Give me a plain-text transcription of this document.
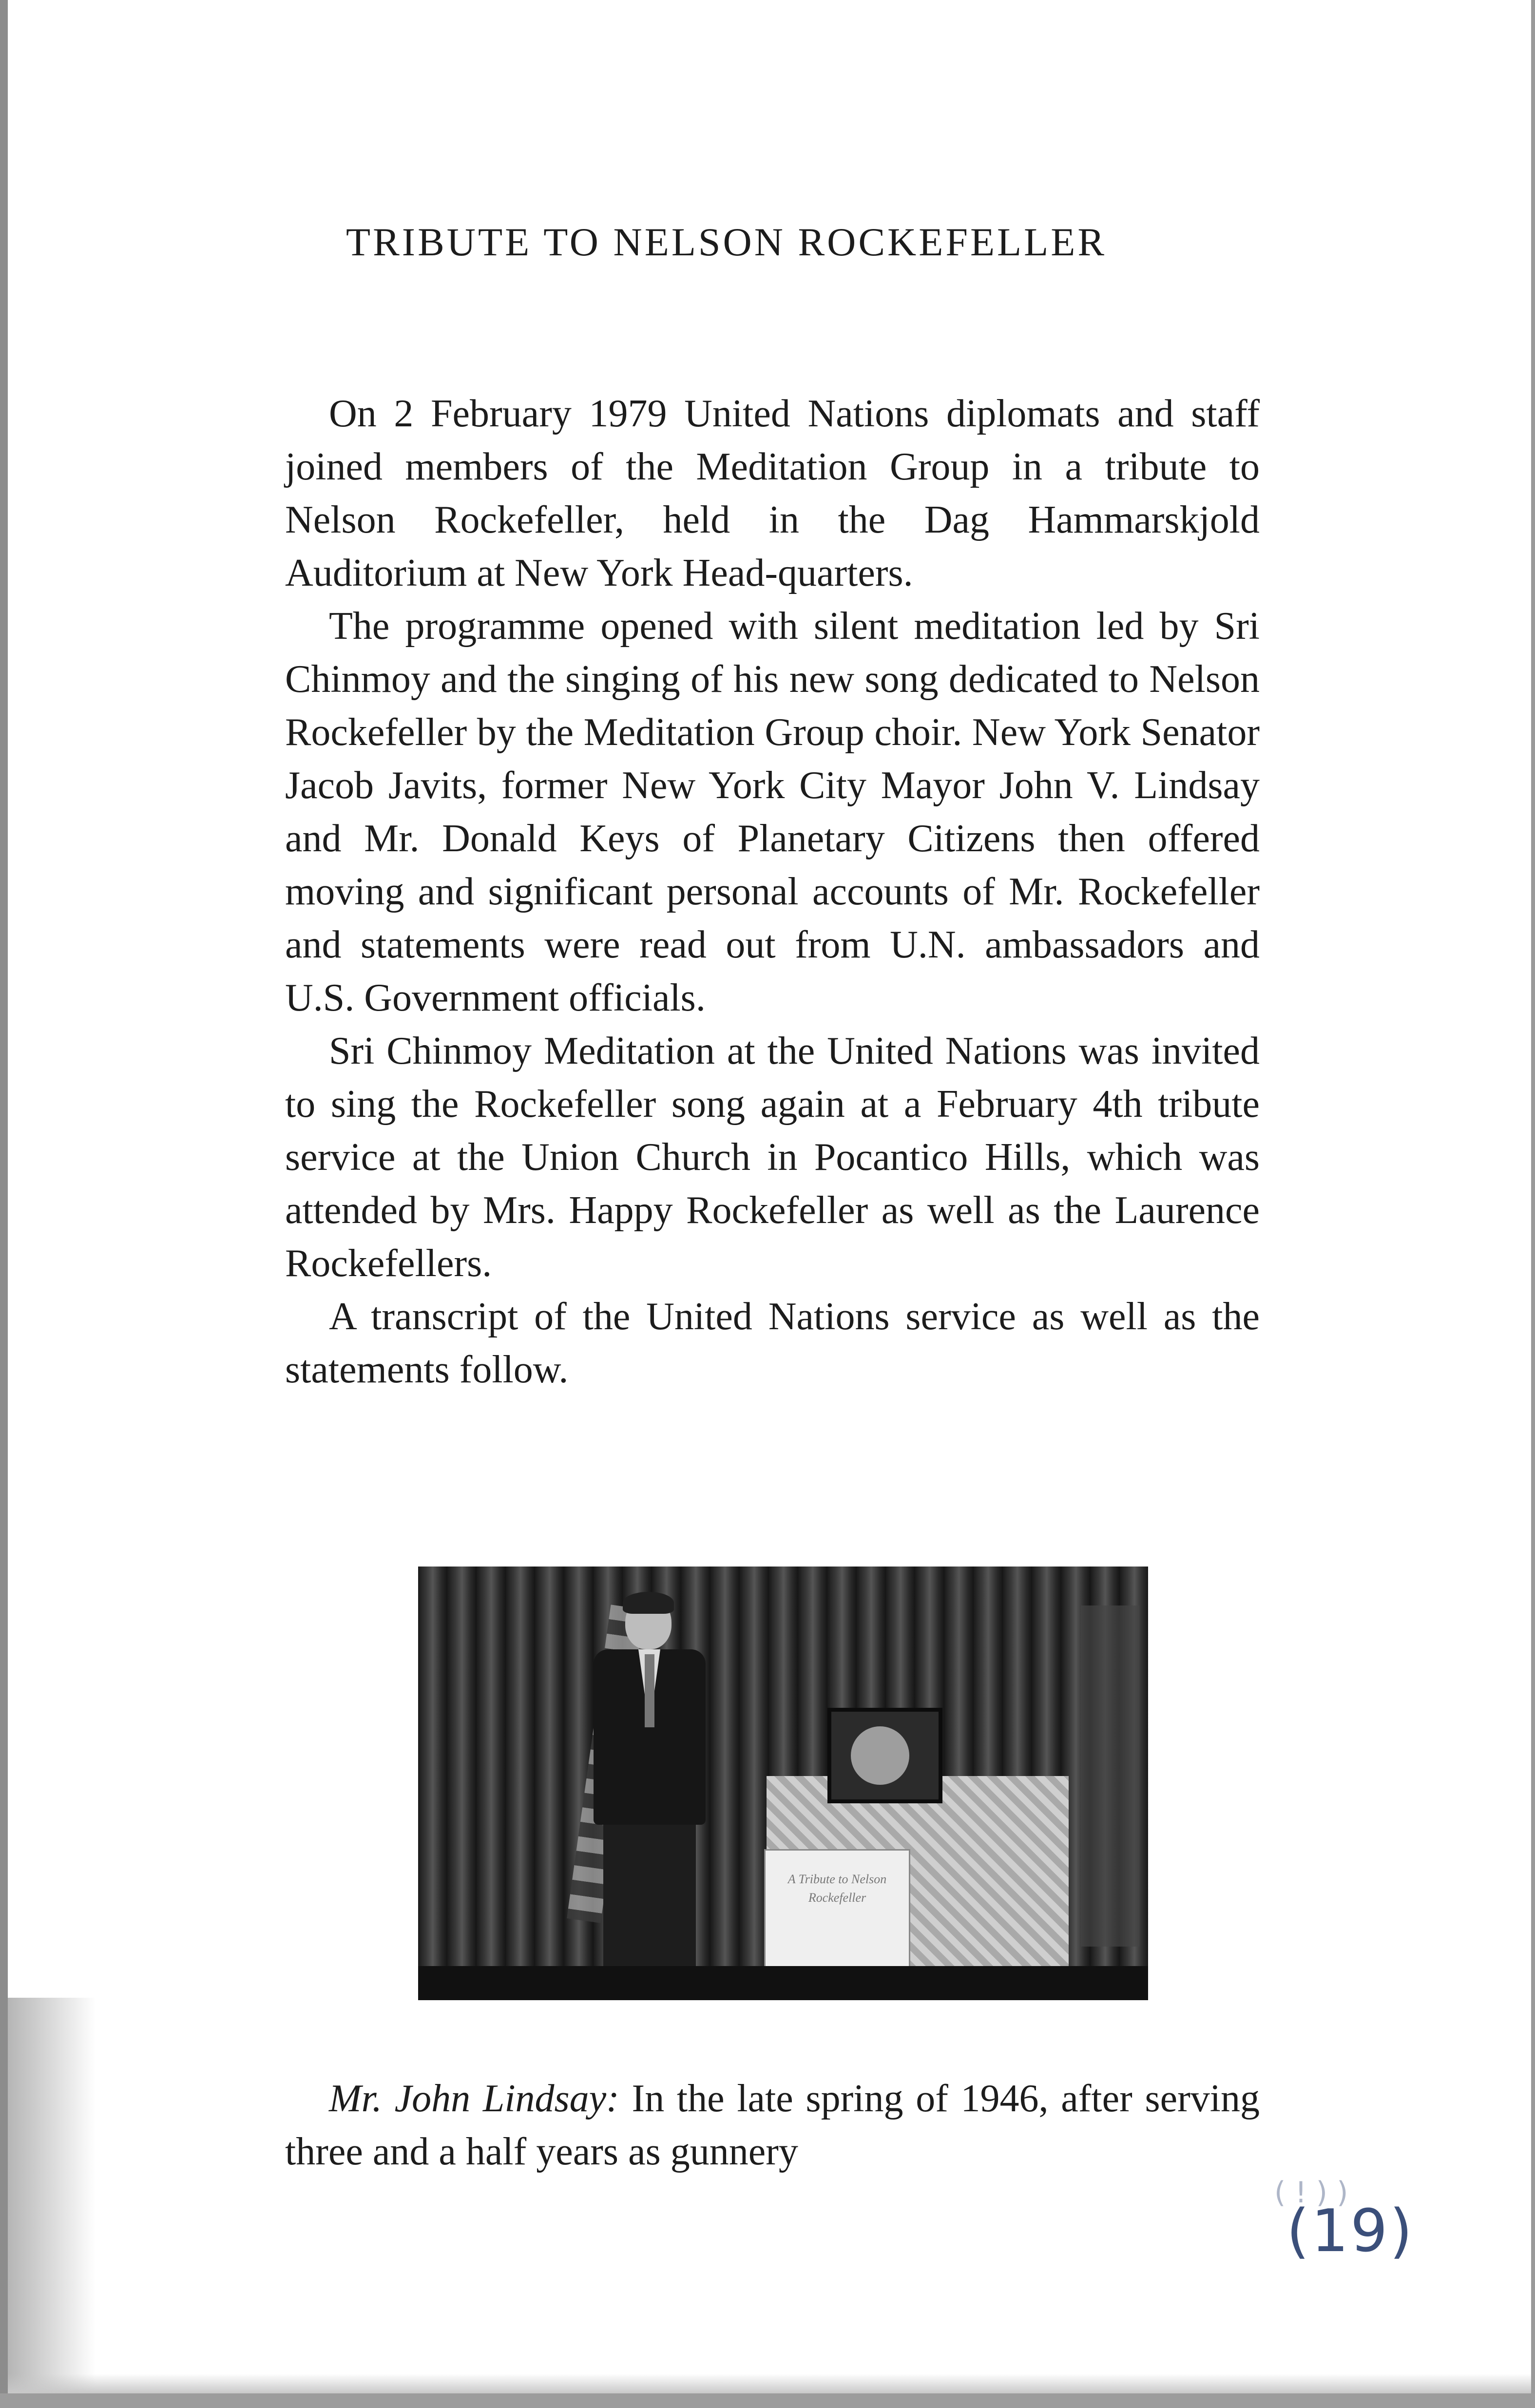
TRIBUTE TO NELSON ROCKEFELLER

On 2 February 1979 United Nations diplomats and staff joined members of the Meditation Group in a tribute to Nelson Rockefeller, held in the Dag Hammarskjold Auditorium at New York Head-quarters.

The programme opened with silent meditation led by Sri Chinmoy and the singing of his new song dedicated to Nelson Rockefeller by the Meditation Group choir. New York Senator Jacob Javits, former New York City Mayor John V. Lindsay and Mr. Donald Keys of Planetary Citizens then offered moving and significant personal accounts of Mr. Rockefeller and statements were read out from U.N. ambassadors and U.S. Government officials.

Sri Chinmoy Meditation at the United Nations was invited to sing the Rockefeller song again at a February 4th tribute service at the Union Church in Pocantico Hills, which was attended by Mrs. Happy Rockefeller as well as the Laurence Rockefellers.

A transcript of the United Nations service as well as the statements follow.

A Tribute to Nelson Rockefeller

Mr. John Lindsay: In the late spring of 1946, after serving three and a half years as gunnery

( ! ) )
(19)
